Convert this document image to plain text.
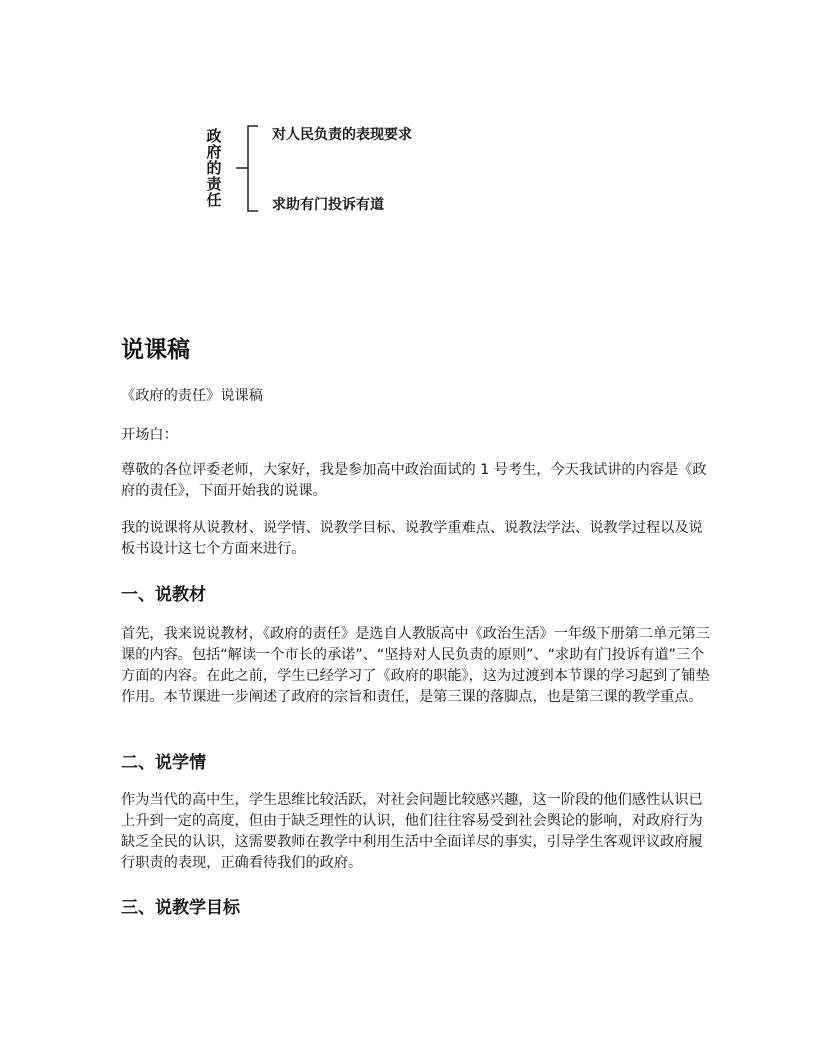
政府的责任
对人民负责的表现要求
求助有门投诉有道
说课稿

《政府的责任》说课稿

开场白：

尊敬的各位评委老师，大家好，我是参加高中政治面试的 1 号考生，今天我试讲的内容是《政府的责任》，下面开始我的说课。

我的说课将从说教材、说学情、说教学目标、说教学重难点、说教法学法、说教学过程以及说板书设计这七个方面来进行。

一、说教材

首先，我来说说教材，《政府的责任》是选自人教版高中《政治生活》一年级下册第二单元第三课的内容。包括“解读一个市长的承诺”、“坚持对人民负责的原则”、“求助有门投诉有道”三个方面的内容。在此之前，学生已经学习了《政府的职能》，这为过渡到本节课的学习起到了铺垫作用。本节课进一步阐述了政府的宗旨和责任，是第三课的落脚点，也是第三课的教学重点。

二、说学情

作为当代的高中生，学生思维比较活跃，对社会问题比较感兴趣，这一阶段的他们感性认识已上升到一定的高度，但由于缺乏理性的认识，他们往往容易受到社会舆论的影响，对政府行为缺乏全民的认识，这需要教师在教学中利用生活中全面详尽的事实，引导学生客观评议政府履行职责的表现，正确看待我们的政府。

三、说教学目标
